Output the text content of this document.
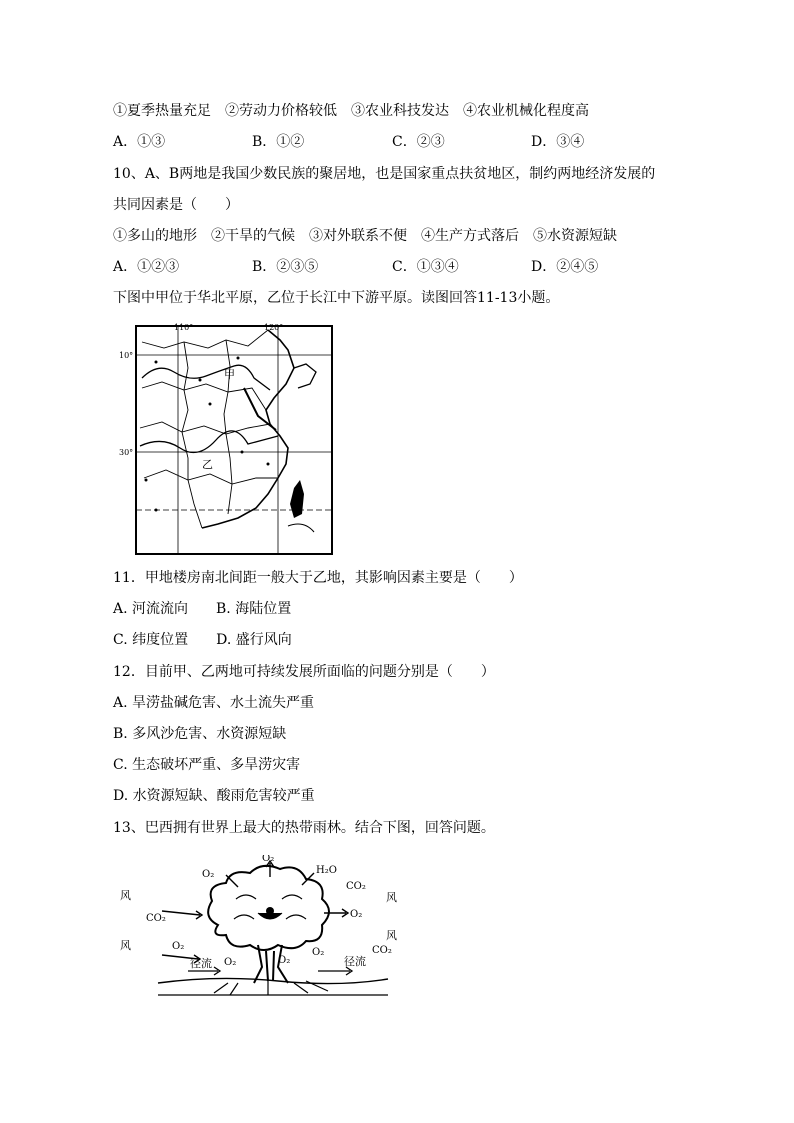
①夏季热量充足　②劳动力价格较低　③农业科技发达　④农业机械化程度高
A．①③	B．①②	C．②③	D．③④
10、A、B两地是我国少数民族的聚居地，也是国家重点扶贫地区，制约两地经济发展的
共同因素是（　　）
①多山的地形　②干旱的气候　③对外联系不便　④生产方式落后　⑤水资源短缺
A．①②③	B．②③⑤	C．①③④	D．②④⑤
下图中甲位于华北平原，乙位于长江中下游平原。读图回答11-13小题。
110°	120°
10°
30°
甲
乙
11．甲地楼房南北间距一般大于乙地，其影响因素主要是（　　）
A. 河流流向　　B. 海陆位置
C. 纬度位置　　D. 盛行风向
12．目前甲、乙两地可持续发展所面临的问题分别是（　　）
A. 旱涝盐碱危害、水土流失严重
B. 多风沙危害、水资源短缺
C. 生态破坏严重、多旱涝灾害
D. 水资源短缺、酸雨危害较严重
13、巴西拥有世界上最大的热带雨林。结合下图，回答问题。
O₂
O₂
H₂O
CO₂
O₂
O₂
CO₂
O₂
CO₂
O₂
O₂
风
风
风
风
径流	径流
